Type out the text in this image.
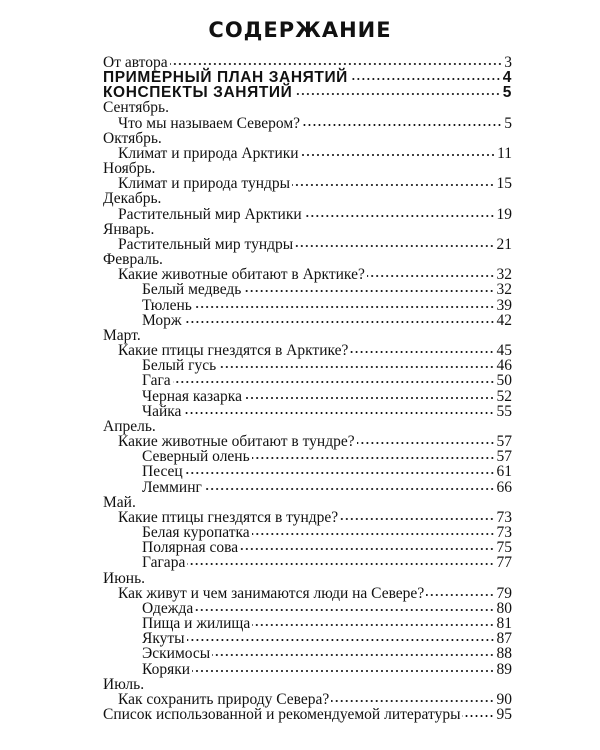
СОДЕРЖАНИЕ
От автора	3
ПРИМЕРНЫЙ ПЛАН ЗАНЯТИЙ	4
КОНСПЕКТЫ ЗАНЯТИЙ	5
Сентябрь.
Что мы называем Севером?	5
Октябрь.
Климат и природа Арктики	11
Ноябрь.
Климат и природа тундры	15
Декабрь.
Растительный мир Арктики	19
Январь.
Растительный мир тундры	21
Февраль.
Какие животные обитают в Арктике?	32
Белый медведь	32
Тюлень	39
Морж	42
Март.
Какие птицы гнездятся в Арктике?	45
Белый гусь	46
Гага	50
Черная казарка	52
Чайка	55
Апрель.
Какие животные обитают в тундре?	57
Северный олень	57
Песец	61
Лемминг	66
Май.
Какие птицы гнездятся в тундре?	73
Белая куропатка	73
Полярная сова	75
Гагара	77
Июнь.
Как живут и чем занимаются люди на Севере?	79
Одежда	80
Пища и жилища	81
Якуты	87
Эскимосы	88
Коряки	89
Июль.
Как сохранить природу Севера?	90
Список использованной и рекомендуемой литературы 95
